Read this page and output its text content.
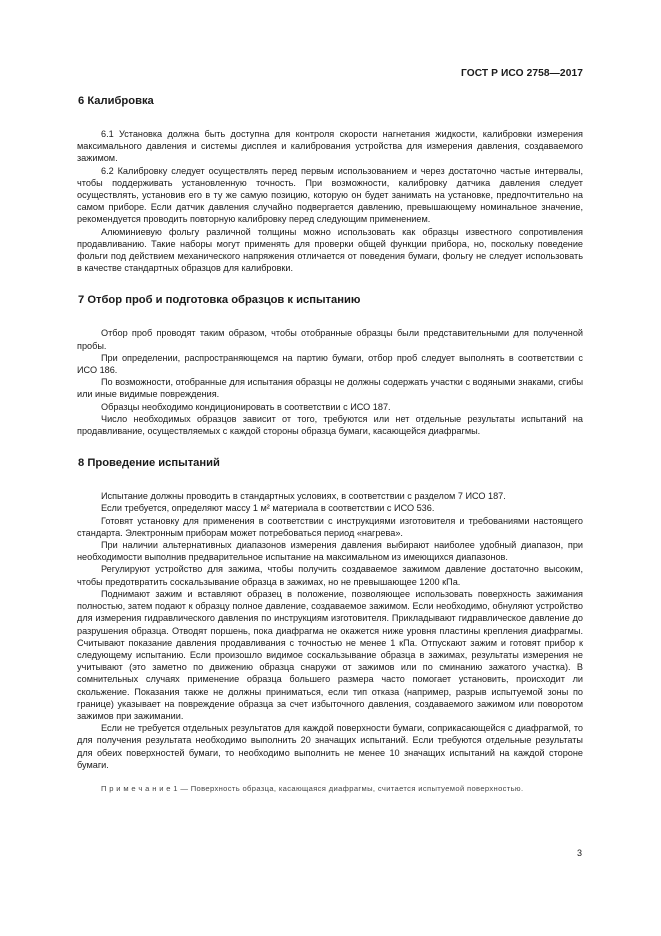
ГОСТ Р ИСО 2758—2017
6 Калибровка

6.1 Установка должна быть доступна для контроля скорости нагнетания жидкости, калибровки измерения максимального давления и системы дисплея и калибрования устройства для измерения давления, создаваемого зажимом.

6.2 Калибровку следует осуществлять перед первым использованием и через достаточно частые интервалы, чтобы поддерживать установленную точность. При возможности, калибровку датчика давления следует осуществлять, установив его в ту же самую позицию, которую он будет занимать на установке, предпочтительно на самом приборе. Если датчик давления случайно подвергается давлению, превышающему номинальное значение, рекомендуется проводить повторную калибровку перед следующим применением.

Алюминиевую фольгу различной толщины можно использовать как образцы известного сопротивления продавливанию. Такие наборы могут применять для проверки общей функции прибора, но, поскольку поведение фольги под действием механического напряжения отличается от поведения бумаги, фольгу не следует использовать в качестве стандартных образцов для калибровки.

7 Отбор проб и подготовка образцов к испытанию

Отбор проб проводят таким образом, чтобы отобранные образцы были представительными для полученной пробы.

При определении, распространяющемся на партию бумаги, отбор проб следует выполнять в соответствии с ИСО 186.

По возможности, отобранные для испытания образцы не должны содержать участки с водяными знаками, сгибы или иные видимые повреждения.

Образцы необходимо кондиционировать в соответствии с ИСО 187.

Число необходимых образцов зависит от того, требуются или нет отдельные результаты испытаний на продавливание, осуществляемых с каждой стороны образца бумаги, касающейся диафрагмы.

8 Проведение испытаний

Испытание должны проводить в стандартных условиях, в соответствии с разделом 7 ИСО 187.

Если требуется, определяют массу 1 м² материала в соответствии с ИСО 536.

Готовят установку для применения в соответствии с инструкциями изготовителя и требованиями настоящего стандарта. Электронным приборам может потребоваться период «нагрева».

При наличии альтернативных диапазонов измерения давления выбирают наиболее удобный диапазон, при необходимости выполнив предварительное испытание на максимальном из имеющихся диапазонов.

Регулируют устройство для зажима, чтобы получить создаваемое зажимом давление достаточно высоким, чтобы предотвратить соскальзывание образца в зажимах, но не превышающее 1200 кПа.

Поднимают зажим и вставляют образец в положение, позволяющее использовать поверхность зажимания полностью, затем подают к образцу полное давление, создаваемое зажимом. Если необходимо, обнуляют устройство для измерения гидравлического давления по инструкциям изготовителя. Прикладывают гидравлическое давление до разрушения образца. Отводят поршень, пока диафрагма не окажется ниже уровня пластины крепления диафрагмы. Считывают показание давления продавливания с точностью не менее 1 кПа. Отпускают зажим и готовят прибор к следующему испытанию. Если произошло видимое соскальзывание образца в зажимах, результаты измерения не учитывают (это заметно по движению образца снаружи от зажимов или по сминанию зажатого участка). В сомнительных случаях применение образца большего размера часто помогает установить, происходит ли скольжение. Показания также не должны приниматься, если тип отказа (например, разрыв испытуемой зоны по границе) указывает на повреждение образца за счет избыточного давления, создаваемого зажимом или поворотом зажимов при зажимании.

Если не требуется отдельных результатов для каждой поверхности бумаги, соприкасающейся с диафрагмой, то для получения результата необходимо выполнить 20 значащих испытаний. Если требуются отдельные результаты для обеих поверхностей бумаги, то необходимо выполнить не менее 10 значащих испытаний на каждой стороне бумаги.

П р и м е ч а н и е 1 — Поверхность образца, касающаяся диафрагмы, считается испытуемой поверхностью.

3
